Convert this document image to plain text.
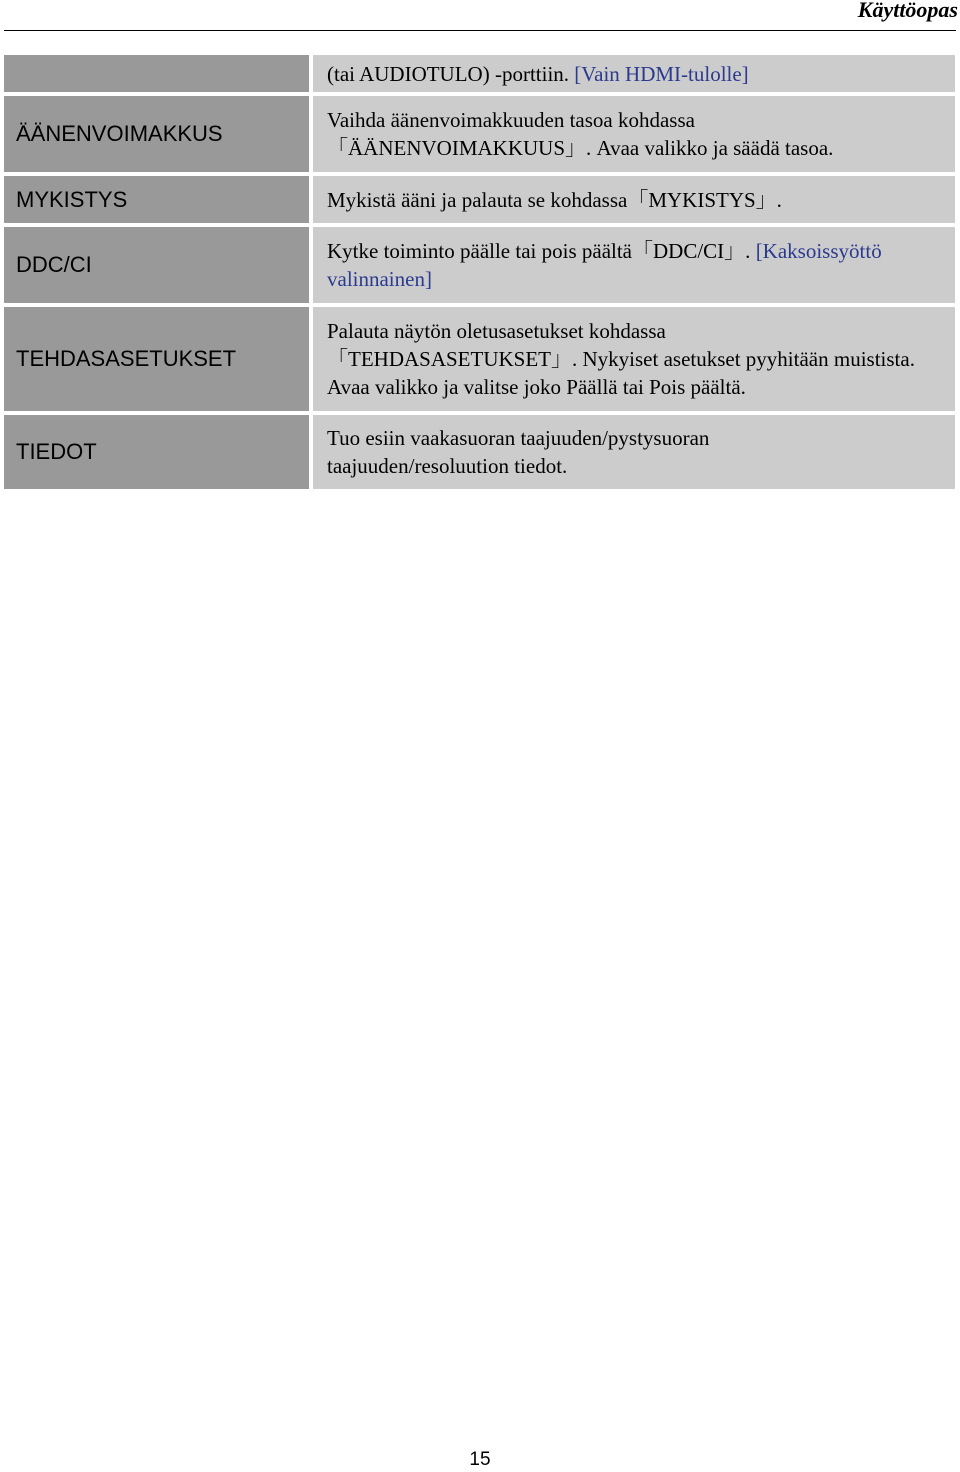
Käyttöopas
(tai AUDIOTULO) -porttiin. [Vain HDMI-tulolle]
ÄÄNENVOIMAKKUS
Vaihda äänenvoimakkuuden tasoa kohdassa
「ÄÄNENVOIMAKKUUS」. Avaa valikko ja säädä tasoa.
MYKISTYS	Mykistä ääni ja palauta se kohdassa「MYKISTYS」.
DDC/CI
Kytke toiminto päälle tai pois päältä「DDC/CI」. [Kaksoissyöttö valinnainen]
TEHDASASETUKSET
Palauta näytön oletusasetukset kohdassa
「TEHDASASETUKSET」. Nykyiset asetukset pyyhitään muistista. Avaa valikko ja valitse joko Päällä tai Pois päältä.
TIEDOT
Tuo esiin vaakasuoran taajuuden/pystysuoran
taajuuden/resoluution tiedot.
15
